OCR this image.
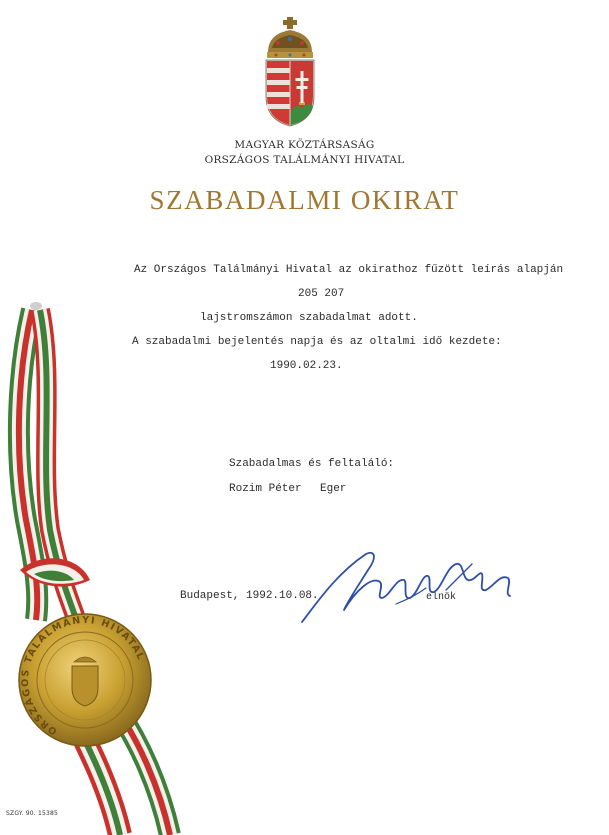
MAGYAR KÖZTÁRSASÁG
ORSZÁGOS TALÁLMÁNYI HIVATAL
SZABADALMI OKIRAT
Az Országos Találmányi Hivatal az okirathoz fűzött leírás alapján
205 207
lajstromszámon szabadalmat adott.
A szabadalmi bejelentés napja és az oltalmi idő kezdete:
1990.02.23.
Szabadalmas és feltaláló:
Rozim Péter Eger
Budapest, 1992.10.08.	elnök
ORSZÁGOS TALÁLMÁNYI HIVATAL
SZGY. 90. 15385
